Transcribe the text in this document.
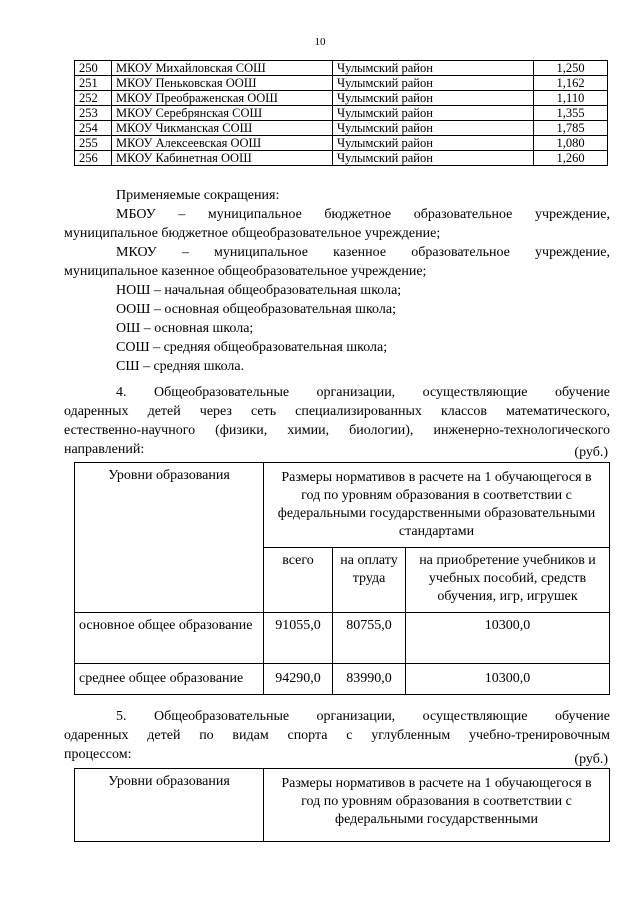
10
250	МКОУ Михайловская СОШ	Чулымский район	1,250
251	МКОУ Пеньковская ООШ	Чулымский район	1,162
252	МКОУ Преображенская ООШ	Чулымский район	1,110
253	МКОУ Серебрянская СОШ	Чулымский район	1,355
254	МКОУ Чикманская СОШ	Чулымский район	1,785
255	МКОУ Алексеевская ООШ	Чулымский район	1,080
256	МКОУ Кабинетная ООШ	Чулымский район	1,260
Применяемые сокращения:
МБОУ – муниципальное бюджетное образовательное учреждение,
муниципальное бюджетное общеобразовательное учреждение;
МКОУ – муниципальное казенное образовательное учреждение,
муниципальное казенное общеобразовательное учреждение;
НОШ – начальная общеобразовательная школа;
ООШ – основная общеобразовательная школа;
ОШ – основная школа;
СОШ – средняя общеобразовательная школа;
СШ – средняя школа.
4. Общеобразовательные организации, осуществляющие обучение
одаренных детей через сеть специализированных классов математического,
естественно-научного (физики, химии, биологии), инженерно-технологического
направлений:	(руб.)
Уровни образования	Размеры нормативов в расчете на 1 обучающегося в год по уровням образования в соответствии с федеральными государственными образовательными стандартами		
	всего	на оплату труда	на приобретение учебников и учебных пособий, средств обучения, игр, игрушек
основное общее образование	91055,0	80755,0	10300,0
среднее общее образование	94290,0	83990,0	10300,0
5. Общеобразовательные организации, осуществляющие обучение
одаренных детей по видам спорта с углубленным учебно-тренировочным
процессом:	(руб.)
Уровни образования	Размеры нормативов в расчете на 1 обучающегося в год по уровням образования в соответствии с федеральными государственными
